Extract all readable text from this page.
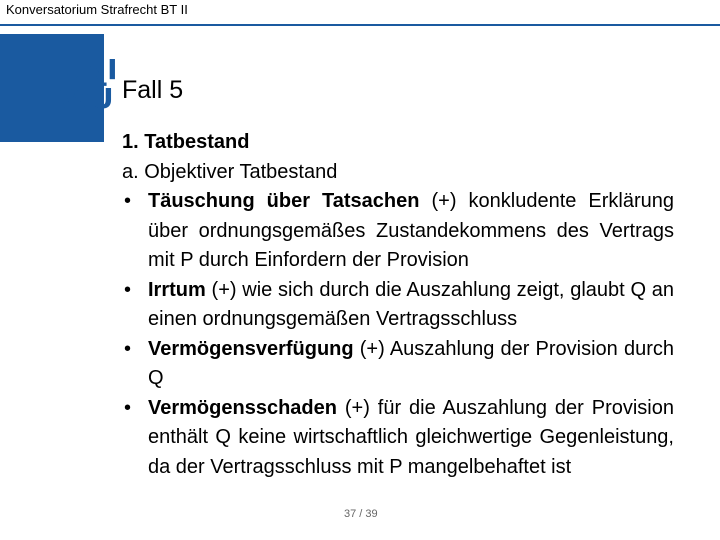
Konversatorium Strafrecht BT II
UNI
WÜ Fall 5

1. Tatbestand

a. Objektiver Tatbestand

• Täuschung über Tatsachen (+) konkludente Erklärung über ordnungsgemäßes Zustandekommens des Vertrags mit P durch Einfordern der Provision
• Irrtum (+) wie sich durch die Auszahlung zeigt, glaubt Q an einen ordnungsgemäßen Vertragsschluss
• Vermögensverfügung (+) Auszahlung der Provision durch Q
• Vermögensschaden (+) für die Auszahlung der Provision enthält Q keine wirtschaftlich gleichwertige Gegenleistung, da der Vertragsschluss mit P mangelbehaftet ist
37 / 39
